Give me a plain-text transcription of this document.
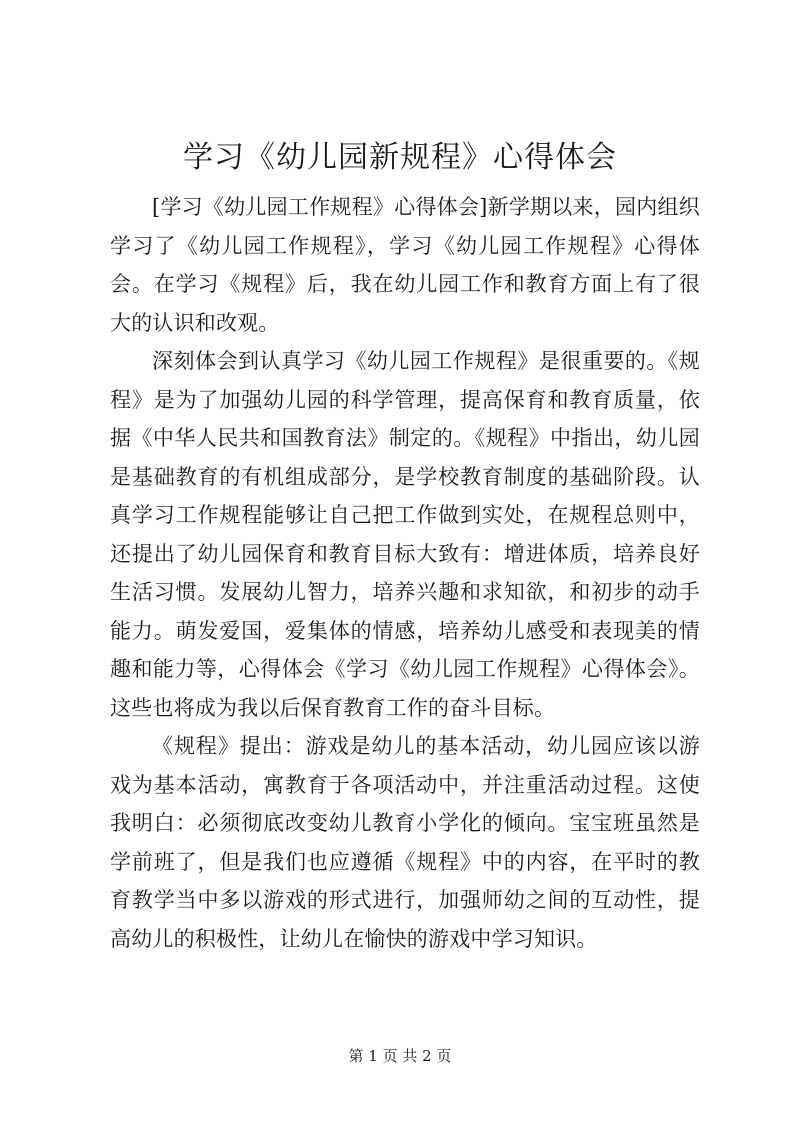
学习《幼儿园新规程》心得体会

[学习《幼儿园工作规程》心得体会]新学期以来，园内组织学习了《幼儿园工作规程》，学习《幼儿园工作规程》心得体会。在学习《规程》后，我在幼儿园工作和教育方面上有了很大的认识和改观。

深刻体会到认真学习《幼儿园工作规程》是很重要的。《规程》是为了加强幼儿园的科学管理，提高保育和教育质量，依据《中华人民共和国教育法》制定的。《规程》中指出，幼儿园是基础教育的有机组成部分，是学校教育制度的基础阶段。认真学习工作规程能够让自己把工作做到实处，在规程总则中，还提出了幼儿园保育和教育目标大致有：增进体质，培养良好生活习惯。发展幼儿智力，培养兴趣和求知欲，和初步的动手能力。萌发爱国，爱集体的情感，培养幼儿感受和表现美的情趣和能力等，心得体会《学习《幼儿园工作规程》心得体会》。这些也将成为我以后保育教育工作的奋斗目标。

《规程》提出：游戏是幼儿的基本活动，幼儿园应该以游戏为基本活动，寓教育于各项活动中，并注重活动过程。这使我明白：必须彻底改变幼儿教育小学化的倾向。宝宝班虽然是学前班了，但是我们也应遵循《规程》中的内容，在平时的教育教学当中多以游戏的形式进行，加强师幼之间的互动性，提高幼儿的积极性，让幼儿在愉快的游戏中学习知识。

第 1 页 共 2 页
